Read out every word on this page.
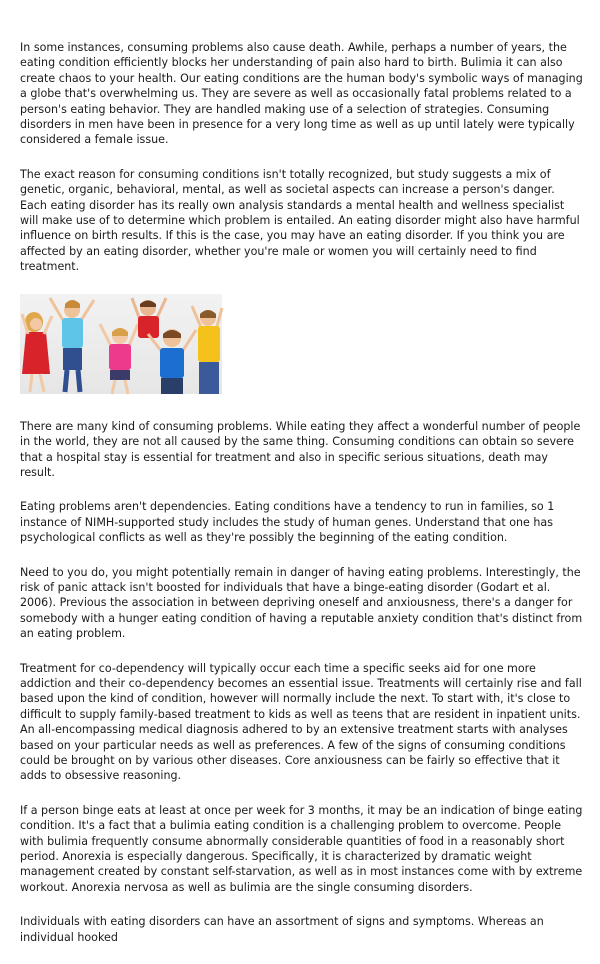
In some instances, consuming problems also cause death. Awhile, perhaps a number of years, the eating condition efficiently blocks her understanding of pain also hard to birth. Bulimia it can also create chaos to your health. Our eating conditions are the human body's symbolic ways of managing a globe that's overwhelming us. They are severe as well as occasionally fatal problems related to a person's eating behavior. They are handled making use of a selection of strategies. Consuming disorders in men have been in presence for a very long time as well as up until lately were typically considered a female issue.

The exact reason for consuming conditions isn't totally recognized, but study suggests a mix of genetic, organic, behavioral, mental, as well as societal aspects can increase a person's danger. Each eating disorder has its really own analysis standards a mental health and wellness specialist will make use of to determine which problem is entailed. An eating disorder might also have harmful influence on birth results. If this is the case, you may have an eating disorder. If you think you are affected by an eating disorder, whether you're male or women you will certainly need to find treatment.

There are many kind of consuming problems. While eating they affect a wonderful number of people in the world, they are not all caused by the same thing. Consuming conditions can obtain so severe that a hospital stay is essential for treatment and also in specific serious situations, death may result.

Eating problems aren't dependencies. Eating conditions have a tendency to run in families, so 1 instance of NIMH-supported study includes the study of human genes. Understand that one has psychological conflicts as well as they're possibly the beginning of the eating condition.

Need to you do, you might potentially remain in danger of having eating problems. Interestingly, the risk of panic attack isn't boosted for individuals that have a binge-eating disorder (Godart et al. 2006). Previous the association in between depriving oneself and anxiousness, there's a danger for somebody with a hunger eating condition of having a reputable anxiety condition that's distinct from an eating problem.

Treatment for co-dependency will typically occur each time a specific seeks aid for one more addiction and their co-dependency becomes an essential issue. Treatments will certainly rise and fall based upon the kind of condition, however will normally include the next. To start with, it's close to difficult to supply family-based treatment to kids as well as teens that are resident in inpatient units. An all-encompassing medical diagnosis adhered to by an extensive treatment starts with analyses based on your particular needs as well as preferences. A few of the signs of consuming conditions could be brought on by various other diseases. Core anxiousness can be fairly so effective that it adds to obsessive reasoning.

If a person binge eats at least at once per week for 3 months, it may be an indication of binge eating condition. It's a fact that a bulimia eating condition is a challenging problem to overcome. People with bulimia frequently consume abnormally considerable quantities of food in a reasonably short period. Anorexia is especially dangerous. Specifically, it is characterized by dramatic weight management created by constant self-starvation, as well as in most instances come with by extreme workout. Anorexia nervosa as well as bulimia are the single consuming disorders.

Individuals with eating disorders can have an assortment of signs and symptoms. Whereas an individual hooked
